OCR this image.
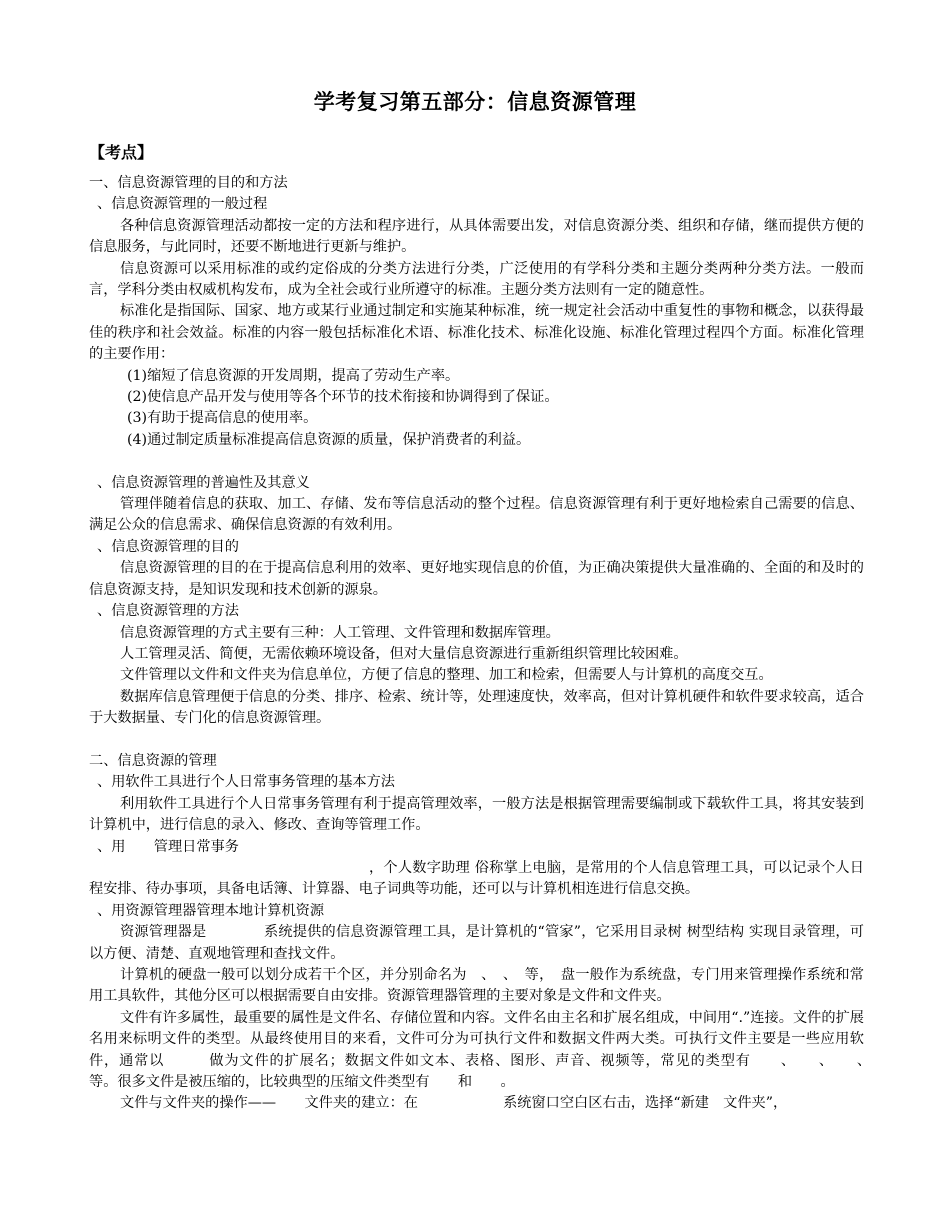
学考复习第五部分：信息资源管理
【考点】

一、信息资源管理的目的和方法

、信息资源管理的一般过程

各种信息资源管理活动都按一定的方法和程序进行，从具体需要出发，对信息资源分类、组织和存储，继而提供方便的信息服务，与此同时，还要不断地进行更新与维护。

信息资源可以采用标准的或约定俗成的分类方法进行分类，广泛使用的有学科分类和主题分类两种分类方法。一般而言，学科分类由权威机构发布，成为全社会或行业所遵守的标准。主题分类方法则有一定的随意性。

标准化是指国际、国家、地方或某行业通过制定和实施某种标准，统一规定社会活动中重复性的事物和概念，以获得最佳的秩序和社会效益。标准的内容一般包括标准化术语、标准化技术、标准化设施、标准化管理过程四个方面。标准化管理的主要作用：

(1)缩短了信息资源的开发周期，提高了劳动生产率。

(2)使信息产品开发与使用等各个环节的技术衔接和协调得到了保证。

(3)有助于提高信息的使用率。

(4)通过制定质量标准提高信息资源的质量，保护消费者的利益。

、信息资源管理的普遍性及其意义

管理伴随着信息的获取、加工、存储、发布等信息活动的整个过程。信息资源管理有利于更好地检索自己需要的信息、满足公众的信息需求、确保信息资源的有效利用。

、信息资源管理的目的

信息资源管理的目的在于提高信息利用的效率、更好地实现信息的价值，为正确决策提供大量准确的、全面的和及时的信息资源支持，是知识发现和技术创新的源泉。

、信息资源管理的方法

信息资源管理的方式主要有三种：人工管理、文件管理和数据库管理。

人工管理灵活、简便，无需依赖环境设备，但对大量信息资源进行重新组织管理比较困难。

文件管理以文件和文件夹为信息单位，方便了信息的整理、加工和检索，但需要人与计算机的高度交互。

数据库信息管理便于信息的分类、排序、检索、统计等，处理速度快，效率高，但对计算机硬件和软件要求较高，适合于大数据量、专门化的信息资源管理。

二、信息资源的管理

、用软件工具进行个人日常事务管理的基本方法

利用软件工具进行个人日常事务管理有利于提高管理效率，一般方法是根据管理需要编制或下载软件工具，将其安装到计算机中，进行信息的录入、修改、查询等管理工作。

、用　　管理日常事务

，个人数字助理 俗称掌上电脑，是常用的个人信息管理工具，可以记录个人日程安排、待办事项，具备电话簿、计算器、电子词典等功能，还可以与计算机相连进行信息交换。

、用资源管理器管理本地计算机资源

资源管理器是　　　　系统提供的信息资源管理工具，是计算机的“管家”，它采用目录树 树型结构 实现目录管理，可以方便、清楚、直观地管理和查找文件。

计算机的硬盘一般可以划分成若干个区，并分别命名为　、　、　等，　盘一般作为系统盘，专门用来管理操作系统和常用工具软件，其他分区可以根据需要自由安排。资源管理器管理的主要对象是文件和文件夹。

文件有许多属性，最重要的属性是文件名、存储位置和内容。文件名由主名和扩展名组成，中间用“.”连接。文件的扩展名用来标明文件的类型。从最终使用目的来看，文件可分为可执行文件和数据文件两大类。可执行文件主要是一些应用软件，通常以　　　做为文件的扩展名；数据文件如文本、表格、图形、声音、视频等，常见的类型有　　、　　、　　、　　等。很多文件是被压缩的，比较典型的压缩文件类型有　　和　　。

文件与文件夹的操作——　　文件夹的建立：在　　　　　　系统窗口空白区右击，选择“新建　文件夹”，
